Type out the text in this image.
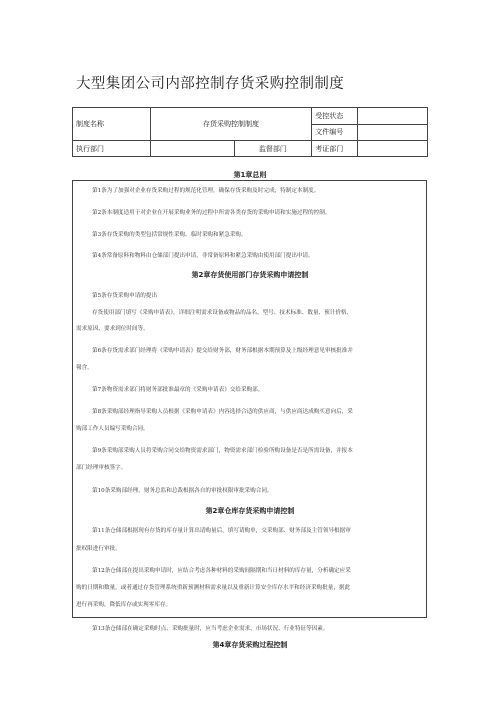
大型集团公司内部控制存货采购控制制度
制度名称	存货采购控制制度		受控状态	
			文件编号	
执行部门		监督部门	考证部门	
第1章总则
第1条为了加强对企业存货采购过程的规范化管理，确保存货采购及时完成，特制定本制度。
第2条本制度适用于对企业在开展采购业务的过程中所需各类存货的采购申请和实施过程的控制。
第3条存货采购的类型包括常规性采购、临时采购和紧急采购。
第4条常备原料和物料由仓储部门提出申请，非常备原料和紧急采购由使用部门提出申请。
第2章存货使用部门存货采购申请控制
第5条存货采购申请的提出
存货使用部门填写《采购申请表》，详细注明需求设备或物品的品名、型号、技术标准、数量、预计价格、
需求原因、要求到位时间等。
第6条存货需求部门经理将《采购申请表》提交给财务部，财务部根据本期预算及上级经理意见审核批准并
報含。
第7条物资需求部门将财务部批准最章的《采购申请表》交给采购部。
第8条采购部经理指导采购人员根据《采购申请表》内容选择合适的供应商，与供应商达成购买意向后，采
购部工作人员编写采购合同。
第9条采购部采购人员将采购合同交给物资需求部门，物资需求部门检验所购设备是否是所需设备，并报本
部门经理审核签字。
第10条采购部经理、财务总监和总裁根据各自的审批权限审批采购合同。
第2章仓库存货采购申请控制
第11条仓储部根据现有存货的库存量计算出请购量后，填写请购单，交采购部、财务部及主管领导根据审
批权限进行审批。
第12条仓储部在提出采购申请时，应结合考虑各种材料的采购间隔期和当日材料的库存量，分析确定应采
购的日期和数量，或者通过存货管理系统重新预测材料需求量以及重新计算安全库存水平和经济采购批量，据此
进行再采购，降低库存或实现零库存。
第13条仓储部在确定采购时点、采购批量时，应当考虑企业需求、市场状况、行业特征等因素。
第4章存货采购过程控制
